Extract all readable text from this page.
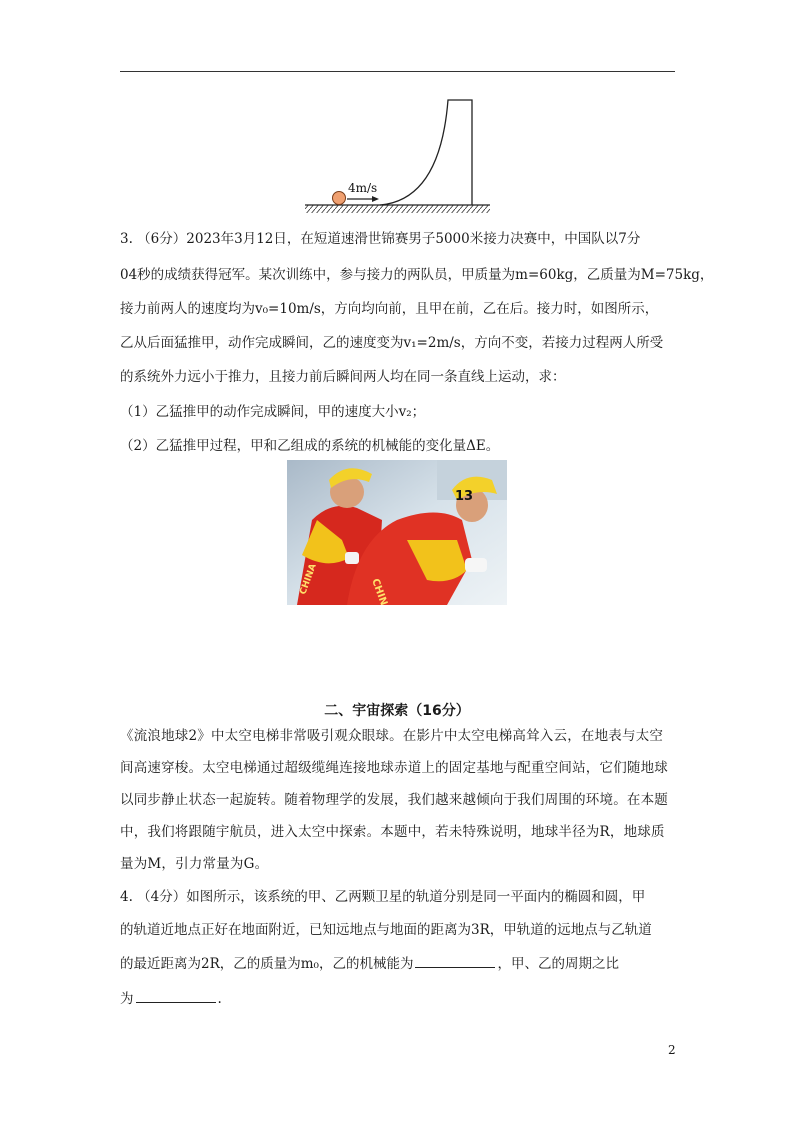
4m/s
3. （6分）2023年3月12日，在短道速滑世锦赛男子5000米接力决赛中，中国队以7分
04秒的成绩获得冠军。某次训练中，参与接力的两队员，甲质量为m=60kg，乙质量为M=75kg，
接力前两人的速度均为v₀=10m/s，方向均向前，且甲在前，乙在后。接力时，如图所示，
乙从后面猛推甲，动作完成瞬间，乙的速度变为v₁=2m/s，方向不变，若接力过程两人所受
的系统外力远小于推力，且接力前后瞬间两人均在同一条直线上运动，求：
（1）乙猛推甲的动作完成瞬间，甲的速度大小v₂；
（2）乙猛推甲过程，甲和乙组成的系统的机械能的变化量ΔE。
13
CHINA
CHINA
二、宇宙探索（16分）
《流浪地球2》中太空电梯非常吸引观众眼球。在影片中太空电梯高耸入云，在地表与太空
间高速穿梭。太空电梯通过超级缆绳连接地球赤道上的固定基地与配重空间站，它们随地球
以同步静止状态一起旋转。随着物理学的发展，我们越来越倾向于我们周围的环境。在本题
中，我们将跟随宇航员，进入太空中探索。本题中，若未特殊说明，地球半径为R，地球质
量为M，引力常量为G。
4. （4分）如图所示，该系统的甲、乙两颗卫星的轨道分别是同一平面内的椭圆和圆，甲
的轨道近地点正好在地面附近，已知远地点与地面的距离为3R，甲轨道的远地点与乙轨道
的最近距离为2R，乙的质量为m₀，乙的机械能为	，甲、乙的周期之比
为	.
2
